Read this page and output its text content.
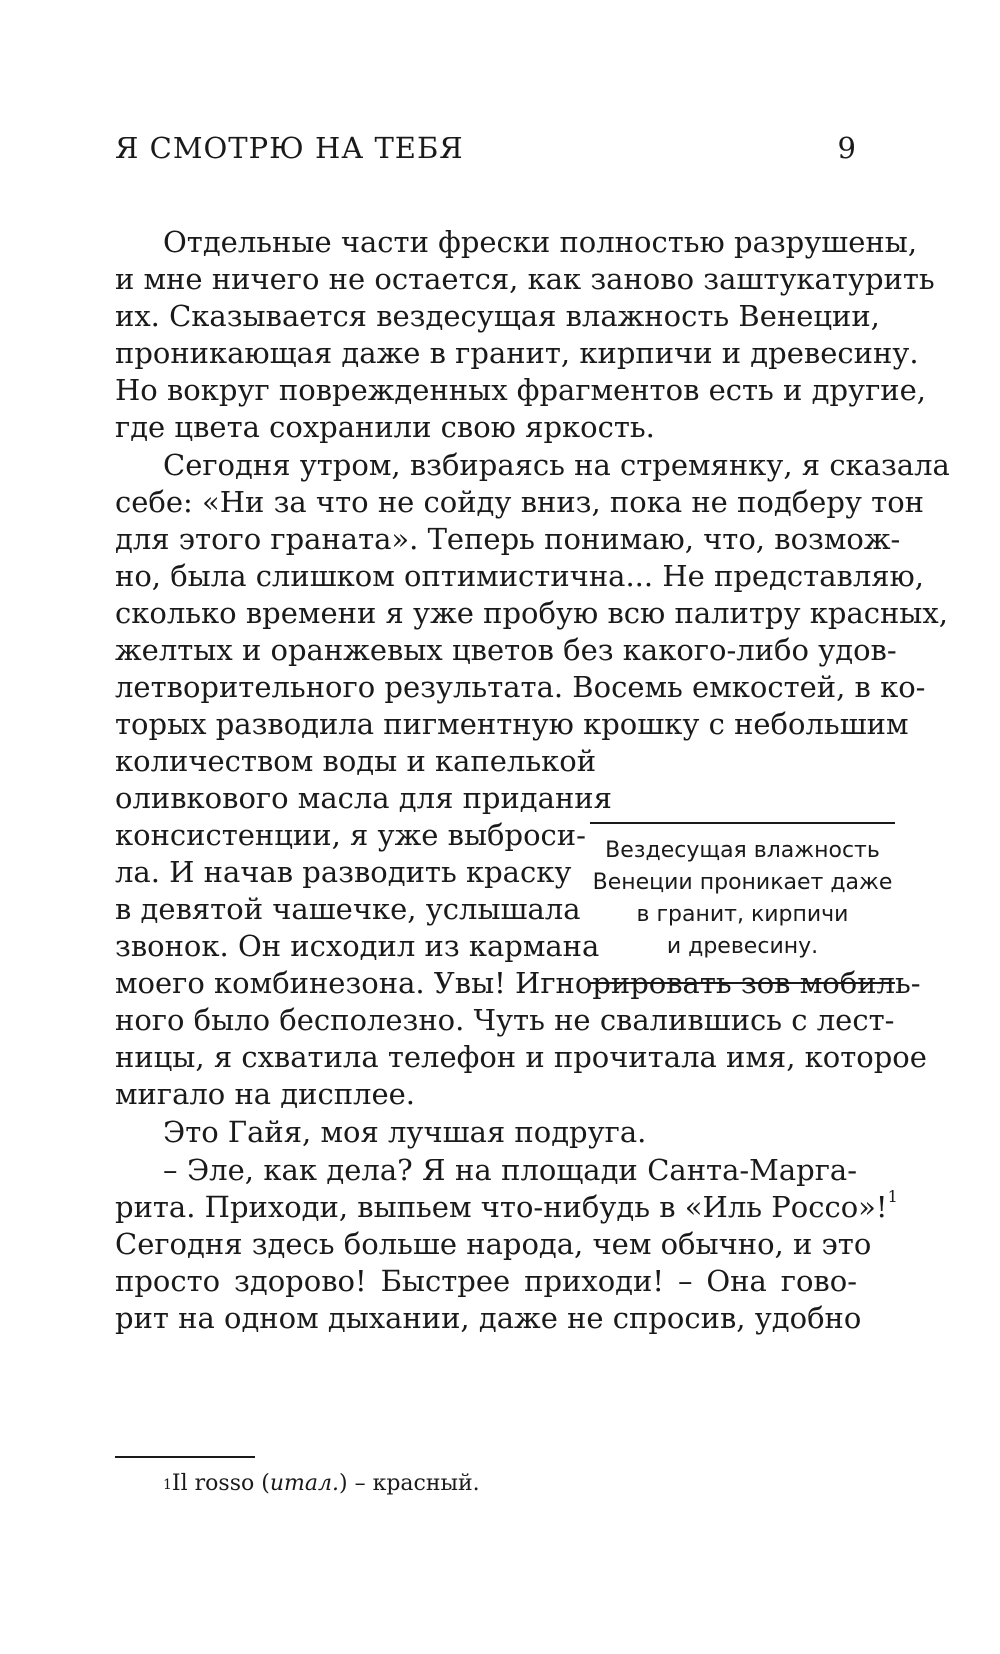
Я СМОТРЮ НА ТЕБЯ	9
Отдельные части фрески полностью разрушены,
и мне ничего не остается, как заново заштукатурить
их. Сказывается вездесущая влажность Венеции,
проникающая даже в гранит, кирпичи и древесину.
Но вокруг поврежденных фрагментов есть и другие,
где цвета сохранили свою яркость.
Сегодня утром, взбираясь на стремянку, я сказала
себе: «Ни за что не сойду вниз, пока не подберу тон
для этого граната». Теперь понимаю, что, возмож-
но, была слишком оптимистична... Не представляю,
сколько времени я уже пробую всю палитру красных,
желтых и оранжевых цветов без какого-либо удов-
летворительного результата. Восемь емкостей, в ко-
торых разводила пигментную крошку с небольшим
количеством воды и капелькой
оливкового масла для придания
консистенции, я уже выброси-
ла. И начав разводить краску
в девятой чашечке, услышала
звонок. Он исходил из кармана
Вездесущая влажность
Венеции проникает даже
в гранит, кирпичи
и древесину.
моего комбинезона. Увы! Игнорировать зов мобиль-
ного было бесполезно. Чуть не свалившись с лест-
ницы, я схватила телефон и прочитала имя, которое
мигало на дисплее.
Это Гайя, моя лучшая подруга.
– Эле, как дела? Я на площади Санта-Марга-
рита. Приходи, выпьем что-нибудь в «Иль Россо»!$^1$
Сегодня здесь больше народа, чем обычно, и это
просто здорово! Быстрее приходи! – Она гово-
рит на одном дыхании, даже не спросив, удобно
$^1$Il rosso (итал.) – красный.
